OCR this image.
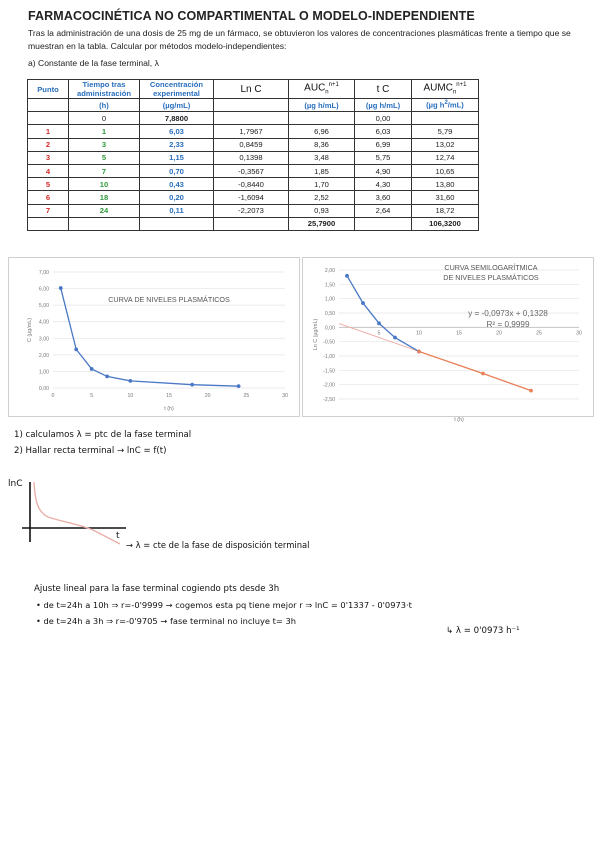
FARMACOCINÉTICA NO COMPARTIMENTAL O MODELO-INDEPENDIENTE
Tras la administración de una dosis de 25 mg de un fármaco, se obtuvieron los valores de concentraciones plasmáticas frente a tiempo que se muestran en la tabla. Calcular por métodos modelo-independientes:
a) Constante de la fase terminal, λ
Punto	Tiempo tras administración	Concentración experimental	Ln C	$AUC_n^{n+1}$	t C	$AUMC_n^{n+1}$
	(h)	(µg/mL)		(µg h/mL)	(µg h/mL)	(µg $h^2/mL$)
	0	7,8800			0,00	
1	1	6,03	1,7967	6,96	6,03	5,79
2	3	2,33	0,8459	8,36	6,99	13,02
3	5	1,15	0,1398	3,48	5,75	12,74
4	7	0,70	-0,3567	1,85	4,90	10,65
5	10	0,43	-0,8440	1,70	4,30	13,80
6	18	0,20	-1,6094	2,52	3,60	31,60
7	24	0,11	-2,2073	0,93	2,64	18,72
				25,7900		106,3200
0,00
1,00
2,00
3,00
4,00
5,00
6,00
7,00
0	5	10	15	20	25	30
t (h)
C (µg/mL)
CURVA DE NIVELES PLASMÁTICOS
2,00
1,50
1,00
0,50
0,00
-0,50
-1,00
-1,50
-2,00
-2,50
5	10	15	20	25	30
t (h)
Ln C (µg/mL)
CURVA SEMILOGARÍTMICA
DE NIVELES PLASMÁTICOS
y = -0,0973x + 0,1328
R² = 0,9999
1) calculamos λ = ptc de la fase terminal
2) Hallar recta terminal → lnC = f(t)
lnC
t
→ λ = cte de la fase de disposición terminal
Ajuste lineal para la fase terminal cogiendo pts desde 3h
• de t=24h a 10h ⇒ r=-0'9999 → cogemos esta pq tiene mejor r ⇒ lnC = 0'1337 - 0'0973·t
• de t=24h a 3h ⇒ r=-0'9705 → fase terminal no incluye t= 3h
↳ λ = 0'0973 h⁻¹
